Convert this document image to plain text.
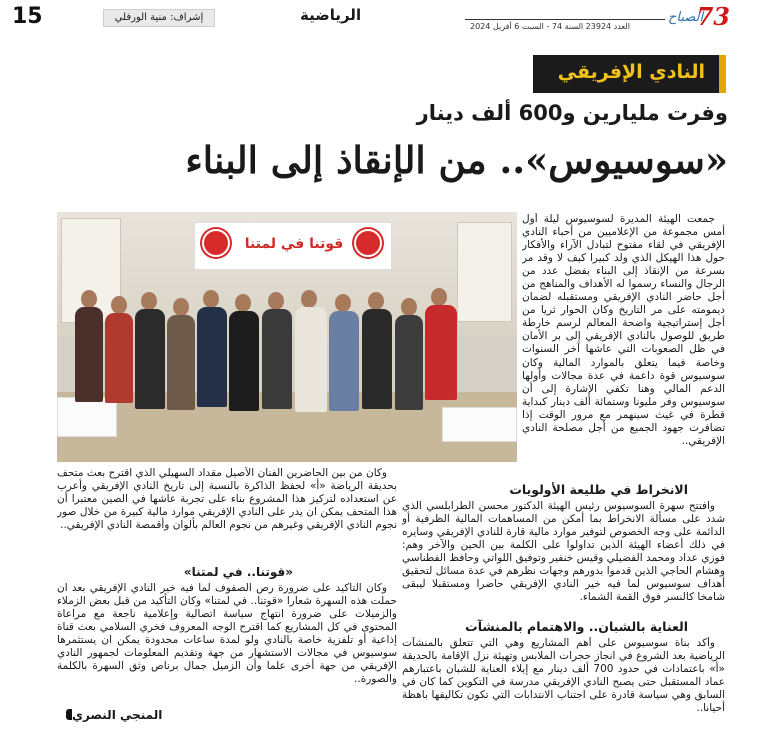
15	إشراف: منية الورفلي	الرياضية
العدد 23924 السنة 74 - السبت 6 أفريل 2024
الصباح
73
النادي الإفريقي
وفرت مليارين و600 ألف دينار
«سوسيوس».. من الإنقاذ إلى البناء
قوتنا في لمتنا

جمعت الهيئة المديرة لسوسيوس ليلة أول أمس مجموعة من الإعلاميين من أحباء النادي الإفريقي في لقاء مفتوح لتبادل الآراء والأفكار حول هذا الهيكل الذي ولد كبيرا كيف لا وقد مر بسرعة من الإنقاذ إلى البناء بفضل عدد من الرجال والنساء رسموا له الأهداف والمناهج من أجل حاضر النادي الإفريقي ومستقبله لضمان ديمومته على مر التاريخ وكان الحوار ثريا من أجل إستراتيجية واضحة المعالم لرسم خارطة طريق للوصول بالنادي الإفريقي إلى بر الأمان في ظل الصعوبات التي عاشها آخر السنوات وخاصة فيما يتعلق بالموارد المالية وكان سوسيوس قوة داعمة في عدة مجالات وأولها الدعم المالي وهنا تكفي الإشارة إلى أن سوسيوس وفر مليونا وستمائة ألف دينار كبداية قطرة في غيث سينهمر مع مرور الوقت إذا تضافرت جهود الجميع من أجل مصلحة النادي الإفريقي..

الانخراط في طليعة الأولويات

وافتتح سهرة السوسيوس رئيس الهيئة الدكتور محسن الطرابلسي الذي شدد على مسألة الانخراط بما أمكن من المساهمات المالية الظرفية أو الدائمة على وجه الخصوص لتوفير موارد مالية قارة للنادي الإفريقي وسايره في ذلك أعضاء الهيئة الذين تداولوا على الكلمة بين الحين والآخر وهم: فوزي عداد ومحمد الفضيلي وقيس خنفير وتوفيق اللواتي وحافظ الفطناسي وهشام الحاجي الذين قدموا بدورهم وجهات نظرهم في عدة مسائل لتحقيق أهداف سوسيوس لما فيه خير النادي الإفريقي حاضرا ومستقبلا ليبقى شامخا كالنسر فوق القمة الشماء.

العناية بالشبان.. والاهتمام بالمنشآت

وأكد بناة سوسيوس على أهم المشاريع وهي التي تتعلق بالمنشآت الرياضية بعد الشروع في انجاز حجرات الملابس وتهيئة نزل الإقامة بالحديقة «أ» باعتمادات في حدود 700 ألف دينار مع إيلاء العناية للشبان باعتبارهم عماد المستقبل حتى يصبح النادي الإفريقي مدرسة في التكوين كما كان في السابق وهي سياسة قادرة على اجتناب الانتدابات التي تكون تكاليفها باهظة أحيانا..

وكان من بين الحاضرين الفنان الأصيل مقداد السهيلي الذي اقترح بعث متحف بحديقة الرياضة «أ» لحفظ الذاكرة بالنسبة إلى تاريخ النادي الإفريقي وأعرب عن استعداده لتركيز هذا المشروع بناء على تجربة عاشها في الصين معتبرا أن هذا المتحف يمكن ان يدر على النادي الإفريقي موارد مالية كبيرة من خلال صور نجوم النادي الإفريقي وغيرهم من نجوم العالم بألوان وأقمصة النادي الإفريقي..

«قوتنا.. في لمتنا»

وكان التأكيد على ضرورة رص الصفوف لما فيه خير النادي الإفريقي بعد ان حملت هذه السهرة شعارا «قوتنا.. في لمتنا» وكان التأكيد من قبل بعض الزملاء والزميلات على ضرورة انتهاج سياسة اتصالية وإعلامية ناجعة مع مراعاة المحتوى في كل المشاريع كما اقترح الوجه المعروف فخري السلامي بعث قناة إذاعية أو تلفزية خاصة بالنادي ولو لمدة ساعات محدودة يمكن ان يستثمرها سوسيوس في مجالات الاستشهار من جهة وتقديم المعلومات لجمهور النادي الإفريقي من جهة أخرى علما وأن الزميل جمال برناص وثق السهرة بالكلمة والصورة..

المنجي النصري
